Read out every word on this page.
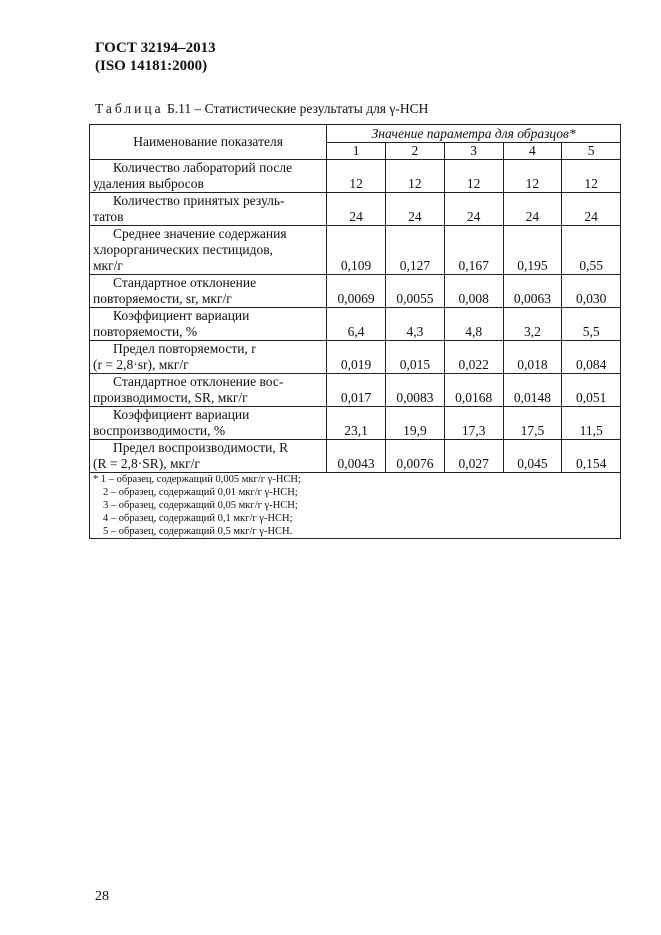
ГОСТ 32194–2013
(ISO 14181:2000)
Таблица Б.11 – Статистические результаты для γ-НСН
Наименование показателя	Значение параметра для образцов*				
	1	2	3	4	5

Количество лабораторий после
удаления выбросов	12	12	12	12	12

Количество принятых резуль-
татов	24	24	24	24	24

Среднее значение содержания
хлорорганических пестицидов,
мкг/г	0,109	0,127	0,167	0,195	0,55

Стандартное отклонение
повторяемости, sr, мкг/г	0,0069	0,0055	0,008	0,0063	0,030

Коэффициент вариации
повторяемости, %	6,4	4,3	4,8	3,2	5,5

Предел повторяемости, r
(r = 2,8·sr), мкг/г	0,019	0,015	0,022	0,018	0,084

Стандартное отклонение вос-
производимости, SR, мкг/г	0,017	0,0083	0,0168	0,0148	0,051

Коэффициент вариации
воспроизводимости, %	23,1	19,9	17,3	17,5	11,5

Предел воспроизводимости, R
(R = 2,8·SR), мкг/г	0,0043	0,0076	0,027	0,045	0,154

* 1 – образец, содержащий 0,005 мкг/г γ-НСН;
2 – образец, содержащий 0,01 мкг/г γ-НСН;
3 – образец, содержащий 0,05 мкг/г γ-НСН;
4 – образец, содержащий 0,1 мкг/г γ-НСН;
5 – образец, содержащий 0,5 мкг/г γ-НСН.					
28
